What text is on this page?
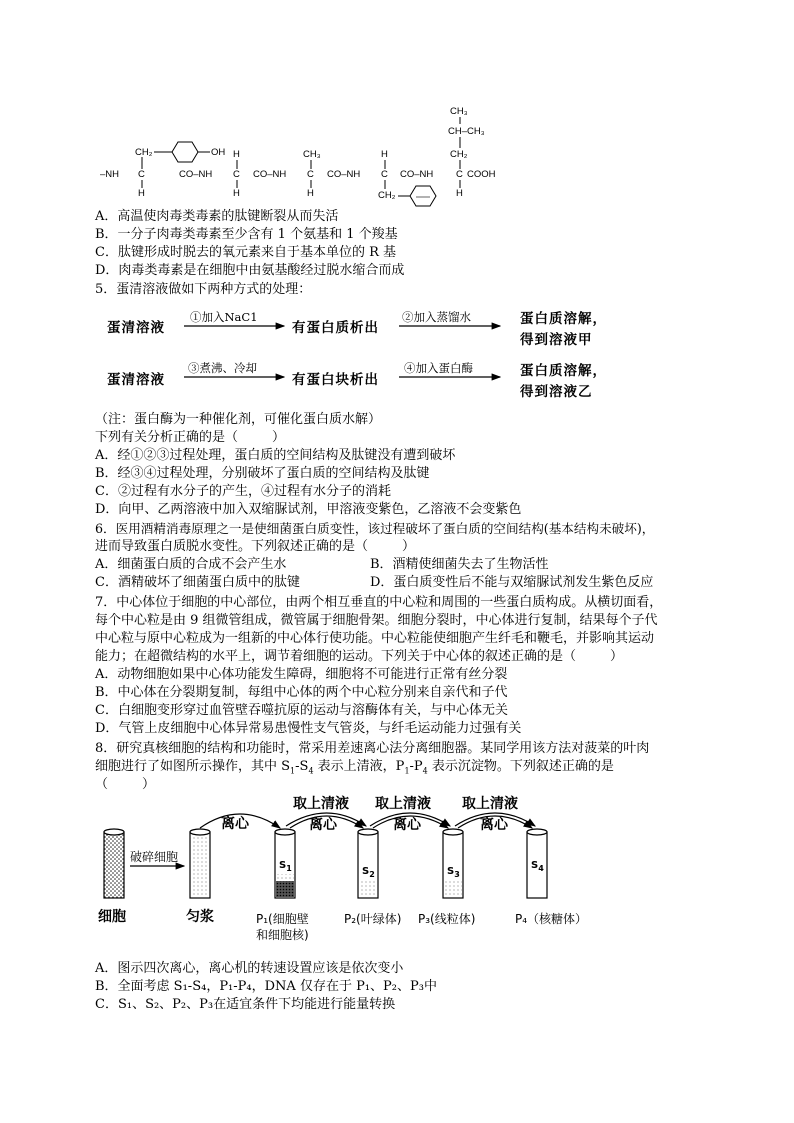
CH₃
CH–CH₃
CH₂
CH₂	OH H	CH₃	H
–NH C	CO–NH C CO–NH C CO–NH C CO–NH C COOH
H	H	H	H
CH₂
A．高温使肉毒类毒素的肽键断裂从而失活
B．一分子肉毒类毒素至少含有 1 个氨基和 1 个羧基
C．肽键形成时脱去的氧元素来自于基本单位的 R 基
D．肉毒类毒素是在细胞中由氨基酸经过脱水缩合而成
5．蛋清溶液做如下两种方式的处理：
蛋清溶液
①加入NaC1
有蛋白质析出
②加入蒸馏水	蛋白质溶解，
得到溶液甲
蛋清溶液
③煮沸、冷却
有蛋白块析出
④加入蛋白酶	蛋白质溶解，
得到溶液乙
（注：蛋白酶为一种催化剂，可催化蛋白质水解）
下列有关分析正确的是（	）
A．经①②③过程处理，蛋白质的空间结构及肽键没有遭到破坏
B．经③④过程处理，分别破坏了蛋白质的空间结构及肽键
C．②过程有水分子的产生，④过程有水分子的消耗
D．向甲、乙两溶液中加入双缩脲试剂，甲溶液变紫色，乙溶液不会变紫色
6．医用酒精消毒原理之一是使细菌蛋白质变性，该过程破坏了蛋白质的空间结构(基本结构未破坏)，
进而导致蛋白质脱水变性。下列叙述正确的是（	）
A．细菌蛋白质的合成不会产生水	B．酒精使细菌失去了生物活性
C．酒精破坏了细菌蛋白质中的肽键	D．蛋白质变性后不能与双缩脲试剂发生紫色反应
7．中心体位于细胞的中心部位，由两个相互垂直的中心粒和周围的一些蛋白质构成。从横切面看，
每个中心粒是由 9 组微管组成，微管属于细胞骨架。细胞分裂时，中心体进行复制，结果每个子代
中心粒与原中心粒成为一组新的中心体行使功能。中心粒能使细胞产生纤毛和鞭毛，并影响其运动
能力；在超微结构的水平上，调节着细胞的运动。下列关于中心体的叙述正确的是（	）
A．动物细胞如果中心体功能发生障碍，细胞将不可能进行正常有丝分裂
B．中心体在分裂期复制，每组中心体的两个中心粒分别来自亲代和子代
C．白细胞变形穿过血管壁吞噬抗原的运动与溶酶体有关，与中心体无关
D．气管上皮细胞中心体异常易患慢性支气管炎，与纤毛运动能力过强有关
8．研究真核细胞的结构和功能时，常采用差速离心法分离细胞器。某同学用该方法对菠菜的叶肉
细胞进行了如图所示操作，其中 $S_1-S_4$ 表示上清液，$P_1-P_4$ 表示沉淀物。下列叙述正确的是
（	）
取上清液 取上清液 取上清液
离心	离心	离心	离心
破碎细胞
细胞	匀浆
$S_1$	$S_2$	$S_3$
$S_4$
P₁(细胞壁
和细胞核)
P₂(叶绿体) P₃(线粒体)	P₄（核糖体）
A．图示四次离心，离心机的转速设置应该是依次变小
B．全面考虑 S₁-S₄，P₁-P₄，DNA 仅存在于 P₁、P₂、P₃中
C．S₁、S₂、P₂、P₃在适宜条件下均能进行能量转换
